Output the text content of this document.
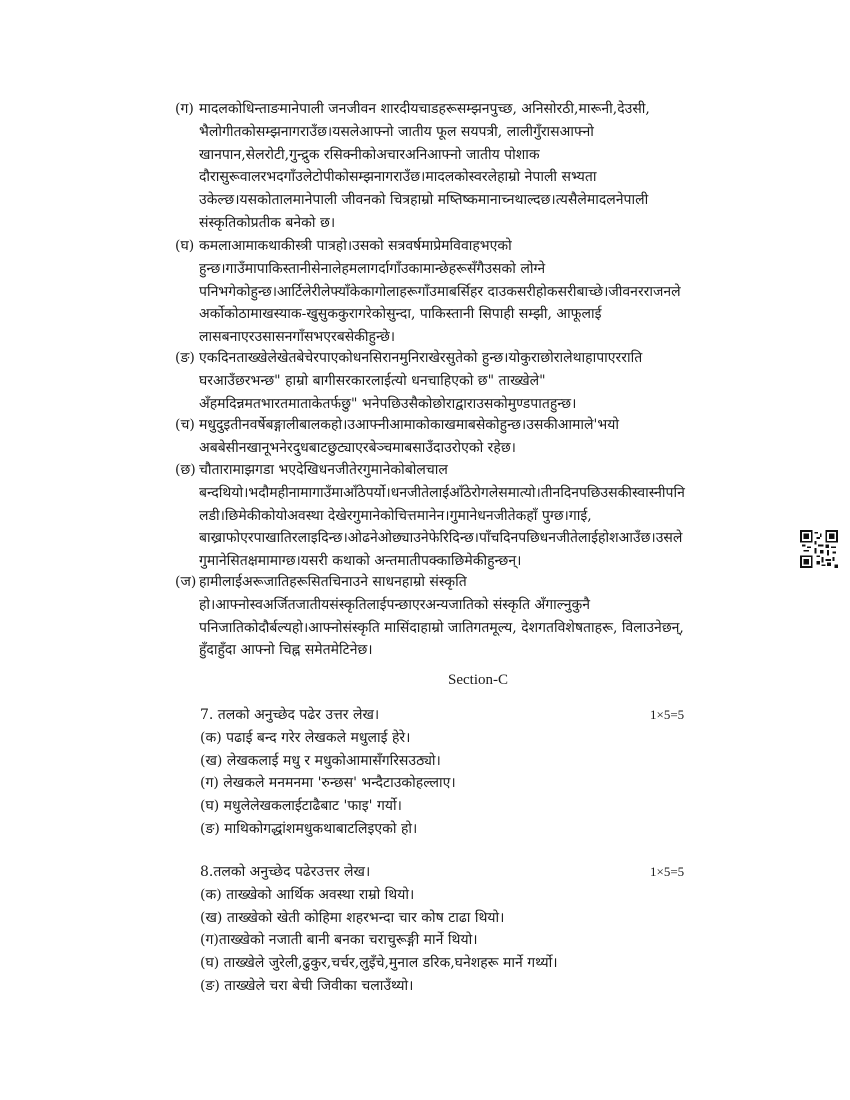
(ग) मादलकोधिन्ताङमानेपाली जनजीवन शारदीयचाडहरूसम्झनपुच्छ, अनिसोरठी,मारूनी,देउसी,
भैलोगीतकोसम्झनागराउँछ।यसलेआफ्नो जातीय फूल सयपत्री, लालीगुँरासआफ्नो
खानपान,सेलरोटी,गुन्द्रुक रसिक्नीकोअचारअनिआफ्नो जातीय पोशाक
दौरासुरूवालरभदगाँउलेटोपीकोसम्झनागराउँछ।मादलकोस्वरलेहाम्रो नेपाली सभ्यता
उकेल्छ।यसकोतालमानेपाली जीवनको चित्रहाम्रो मष्तिष्कमानाच्नथाल्दछ।त्यसैलेमादलनेपाली
संस्कृतिकोप्रतीक बनेको छ।
(घ) कमलाआमाकथाकीस्त्री पात्रहो।उसको सत्रवर्षमाप्रेमविवाहभएको
हुन्छ।गाउँमापाकिस्तानीसेनालेहमलागर्दागाँउकामान्छेहरूसँगैउसको लोग्ने
पनिभगेकोहुन्छ।आर्टिलेरीलेफ्याँकेकागोलाहरूगाँउमाबर्सिहर दाउकसरीहोकसरीबाच्छे।जीवनरराजनले
अर्कोकोठामाखस्याक-खुसुककुरागरेकोसुन्दा, पाकिस्तानी सिपाही सम्झी, आफूलाई
लासबनाएरउसासनगाँसभएरबसेकीहुन्छे।
(ङ) एकदिनताख्खेलेखेतबेचेरपाएकोधनसिरानमुनिराखेरसुतेको हुन्छ।योकुराछोरालेथाहापाएरराति
घरआउँछरभन्छ" हाम्रो बागीसरकारलाईत्यो धनचाहिएको छ" ताख्खेले"
अँहमदिन्नमतभारतमाताकेतर्फछु" भनेपछिउसैकोछोराद्वाराउसकोमुण्डपातहुन्छ।
(च) मधुदुइतीनवर्षेबङ्गालीबालकहो।उआफ्नीआमाकोकाखमाबसेकोहुन्छ।उसकीआमाले'भयो
अबबेसीनखानूभनेरदुधबाटछुट्याएरबेञ्चमाबसाउँदाउरोएको रहेछ।
(छ) चौतारामाझगडा भएदेखिधनजीतेरगुमानेकोबोलचाल
बन्दथियो।भदौमहीनामागाउँमाआँठेपर्यो।धनजीतेलाईआँठेरोगलेसमात्यो।तीनदिनपछिउसकीस्वास्नीपनि
लडी।छिमेकीकोयोअवस्था देखेरगुमानेकोचित्तमानेन।गुमानेधनजीतेकहाँ पुग्छ।गाई,
बाख्राफोएरपाखातिरलाइदिन्छ।ओढनेओछ्याउनेफेरिदिन्छ।पाँचदिनपछिधनजीतेलाईहोशआउँछ।उसले
गुमानेसितक्षमामाग्छ।यसरी कथाको अन्तमातीपक्काछिमेकीहुन्छन्।
(ज) हामीलाईअरूजातिहरूसितचिनाउने साधनहाम्रो संस्कृति
हो।आफ्नोस्वअर्जितजातीयसंस्कृतिलाईपन्छाएरअन्यजातिको संस्कृति अँगाल्नुकुनै
पनिजातिकोदौर्बल्यहो।आफ्नोसंस्कृति मासिंदाहाम्रो जातिगतमूल्य, देशगतविशेषताहरू, विलाउनेछन्,
हुँदाहुँदा आफ्नो चिह्न समेतमेटिनेछ।
Section-C
7. तलको अनुच्छेद पढेर उत्तर लेख।	1×5=5
(क) पढाई बन्द गरेर लेखकले मधुलाई हेरे।
(ख) लेखकलाई मधु र मधुकोआमासँगरिसउठ्यो।
(ग) लेखकले मनमनमा 'रुन्छस' भन्दैटाउकोहल्लाए।
(घ) मधुलेलेखकलाईटाढैबाट 'फाइ' गर्यो।
(ङ) माथिकोगद्धांशमधुकथाबाटलिइएको हो।
8.तलको अनुच्छेद पढेरउत्तर लेख।	1×5=5
(क) ताख्खेको आर्थिक अवस्था राम्रो थियो।
(ख) ताख्खेको खेती कोहिमा शहरभन्दा चार कोष टाढा थियो।
(ग)ताख्खेको नजाती बानी बनका चराचुरूङ्गी मार्ने थियो।
(घ) ताख्खेले जुरेली,ढुकुर,चर्चर,लुइँचे,मुनाल डरिक,घनेशहरू मार्ने गर्थ्यो।
(ङ) ताख्खेले चरा बेची जिवीका चलाउँथ्यो।
